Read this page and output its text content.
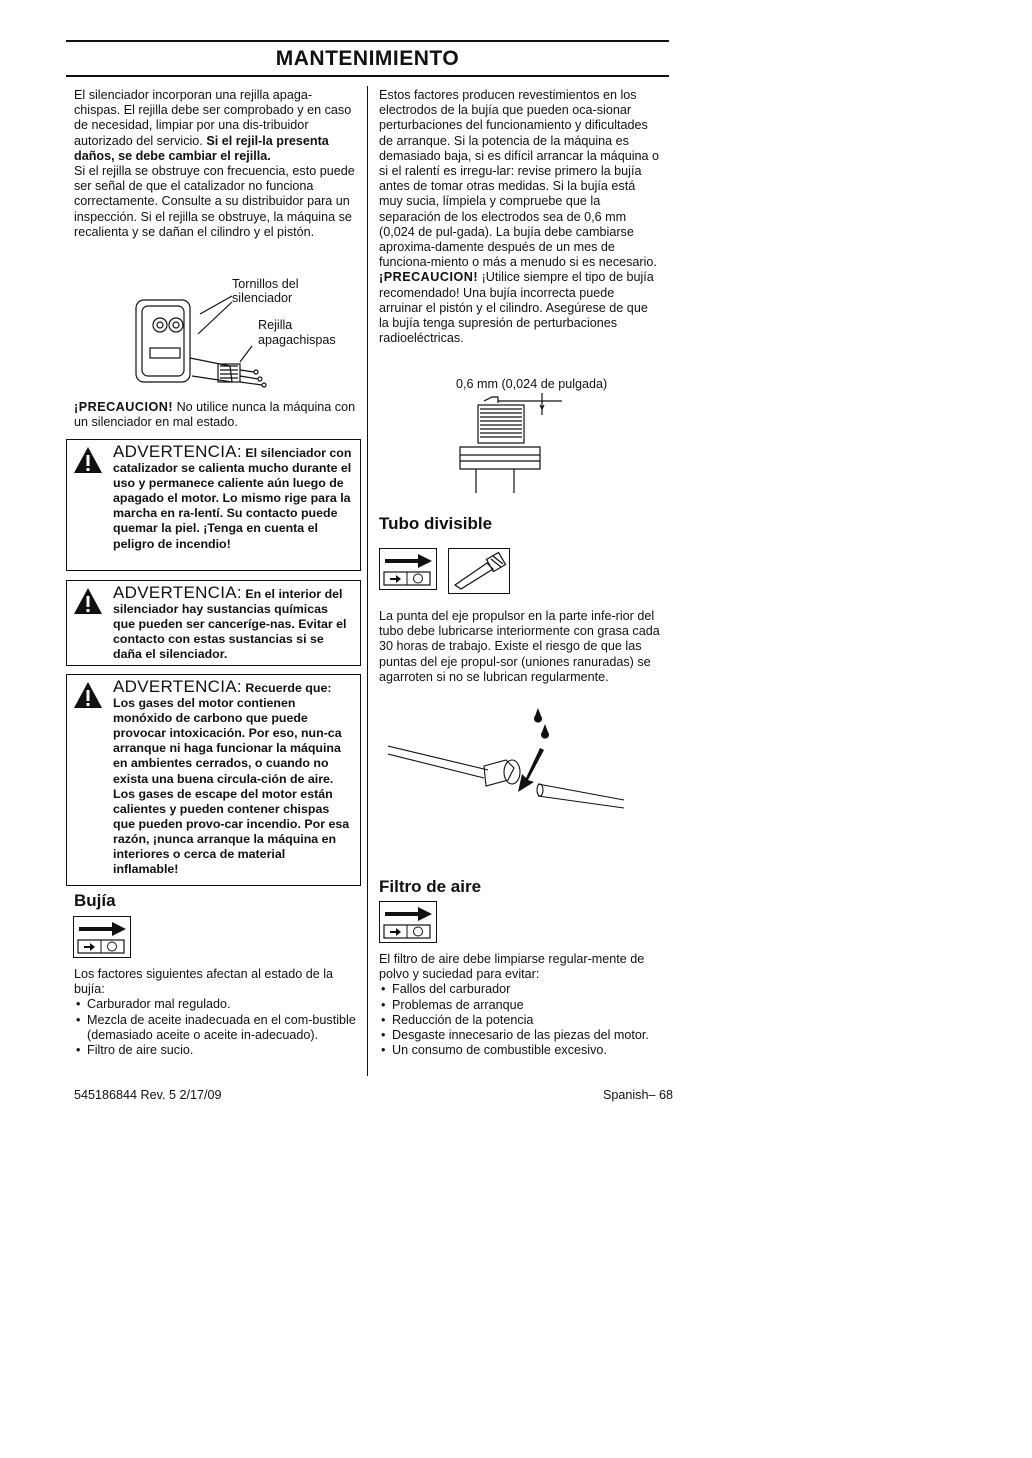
MANTENIMIENTO

El silenciador incorporan una rejilla apaga-chispas. El rejilla debe ser comprobado y en caso de necesidad, limpiar por una dis-tribuidor autorizado del servicio. Si el rejil-la presenta daños, se debe cambiar el rejilla.

Si el rejilla se obstruye con frecuencia, esto puede ser señal de que el catalizador no funciona correctamente. Consulte a su distribuidor para un inspección. Si el rejilla se obstruye, la máquina se recalienta y se dañan el cilindro y el pistón.

Tornillos del silenciador
Rejilla apagachispas

¡PRECAUCION! No utilice nunca la máquina con un silenciador en mal estado.

ADVERTENCIA: El silenciador con catalizador se calienta mucho durante el uso y permanece caliente aún luego de apagado el motor. Lo mismo rige para la marcha en ra-lentí. Su contacto puede quemar la piel. ¡Tenga en cuenta el peligro de incendio!
ADVERTENCIA: En el interior del silenciador hay sustancias químicas que pueden ser canceríge-nas. Evitar el contacto con estas sustancias si se daña el silenciador.
ADVERTENCIA: Recuerde que: Los gases del motor contienen monóxido de carbono que puede provocar intoxicación. Por eso, nun-ca arranque ni haga funcionar la máquina en ambientes cerrados, o cuando no exista una buena circula-ción de aire. Los gases de escape del motor están calientes y pueden contener chispas que pueden provo-car incendio. Por esa razón, ¡nunca arranque la máquina en interiores o cerca de material inflamable!
Bujía

Los factores siguientes afectan al estado de la bujía:

• Carburador mal regulado.
• Mezcla de aceite inadecuada en el com-bustible (demasiado aceite o aceite in-adecuado).
• Filtro de aire sucio.

Estos factores producen revestimientos en los electrodos de la bujía que pueden oca-sionar perturbaciones del funcionamiento y dificultades de arranque. Si la potencia de la máquina es demasiado baja, si es difícil arrancar la máquina o si el ralentí es irregu-lar: revise primero la bujía antes de tomar otras medidas. Si la bujía está muy sucia, límpiela y compruebe que la separación de los electrodos sea de 0,6 mm (0,024 de pul-gada). La bujía debe cambiarse aproxima-damente después de un mes de funciona-miento o más a menudo si es necesario.

¡PRECAUCION! ¡Utilice siempre el tipo de bujía recomendado! Una bujía incorrecta puede arruinar el pistón y el cilindro. Asegúrese de que la bujía tenga supresión de perturbaciones radioeléctricas.

0,6 mm (0,024 de pulgada)
Tubo divisible

La punta del eje propulsor en la parte infe-rior del tubo debe lubricarse interiormente con grasa cada 30 horas de trabajo. Existe el riesgo de que las puntas del eje propul-sor (uniones ranuradas) se agarroten si no se lubrican regularmente.

Filtro de aire

El filtro de aire debe limpiarse regular-mente de polvo y suciedad para evitar:

• Fallos del carburador
• Problemas de arranque
• Reducción de la potencia
• Desgaste innecesario de las piezas del motor.
• Un consumo de combustible excesivo.
545186844 Rev. 5 2/17/09	Spanish– 68
